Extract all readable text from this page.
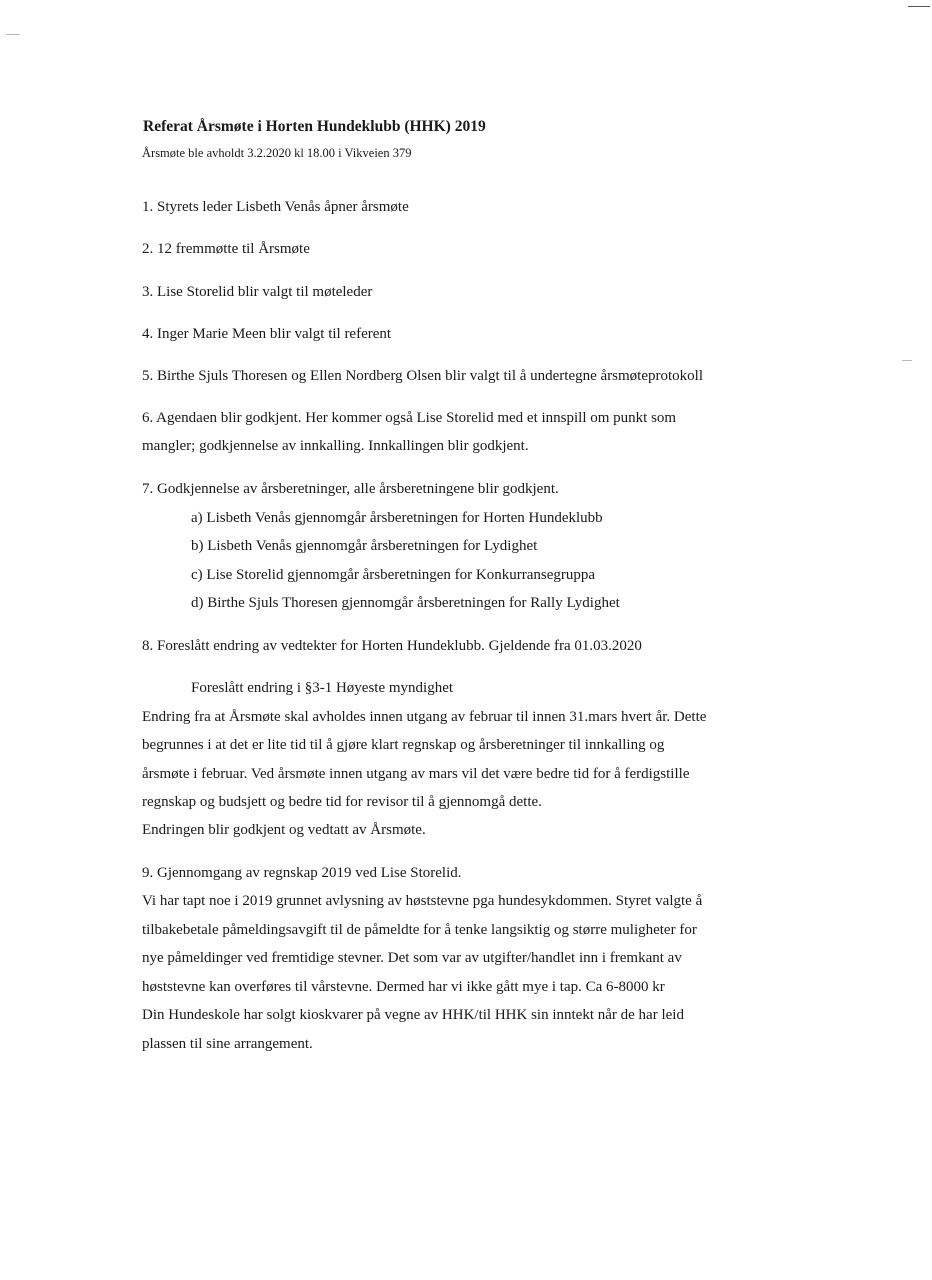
Referat Årsmøte i Horten Hundeklubb (HHK) 2019
Årsmøte ble avholdt 3.2.2020 kl 18.00 i Vikveien 379
1. Styrets leder Lisbeth Venås åpner årsmøte
2. 12 fremmøtte til Årsmøte
3. Lise Storelid blir valgt til møteleder
4. Inger Marie Meen blir valgt til referent
5. Birthe Sjuls Thoresen og Ellen Nordberg Olsen blir valgt til å undertegne årsmøteprotokoll
6. Agendaen blir godkjent. Her kommer også Lise Storelid med et innspill om punkt som
mangler; godkjennelse av innkalling. Innkallingen blir godkjent.
7. Godkjennelse av årsberetninger, alle årsberetningene blir godkjent.
a) Lisbeth Venås gjennomgår årsberetningen for Horten Hundeklubb
b) Lisbeth Venås gjennomgår årsberetningen for Lydighet
c) Lise Storelid gjennomgår årsberetningen for Konkurransegruppa
d) Birthe Sjuls Thoresen gjennomgår årsberetningen for Rally Lydighet
8. Foreslått endring av vedtekter for Horten Hundeklubb. Gjeldende fra 01.03.2020
Foreslått endring i §3-1 Høyeste myndighet
Endring fra at Årsmøte skal avholdes innen utgang av februar til innen 31.mars hvert år. Dette
begrunnes i at det er lite tid til å gjøre klart regnskap og årsberetninger til innkalling og
årsmøte i februar. Ved årsmøte innen utgang av mars vil det være bedre tid for å ferdigstille
regnskap og budsjett og bedre tid for revisor til å gjennomgå dette.
Endringen blir godkjent og vedtatt av Årsmøte.
9. Gjennomgang av regnskap 2019 ved Lise Storelid.
Vi har tapt noe i 2019 grunnet avlysning av høststevne pga hundesykdommen. Styret valgte å
tilbakebetale påmeldingsavgift til de påmeldte for å tenke langsiktig og større muligheter for
nye påmeldinger ved fremtidige stevner. Det som var av utgifter/handlet inn i fremkant av
høststevne kan overføres til vårstevne. Dermed har vi ikke gått mye i tap. Ca 6-8000 kr
Din Hundeskole har solgt kioskvarer på vegne av HHK/til HHK sin inntekt når de har leid
plassen til sine arrangement.
